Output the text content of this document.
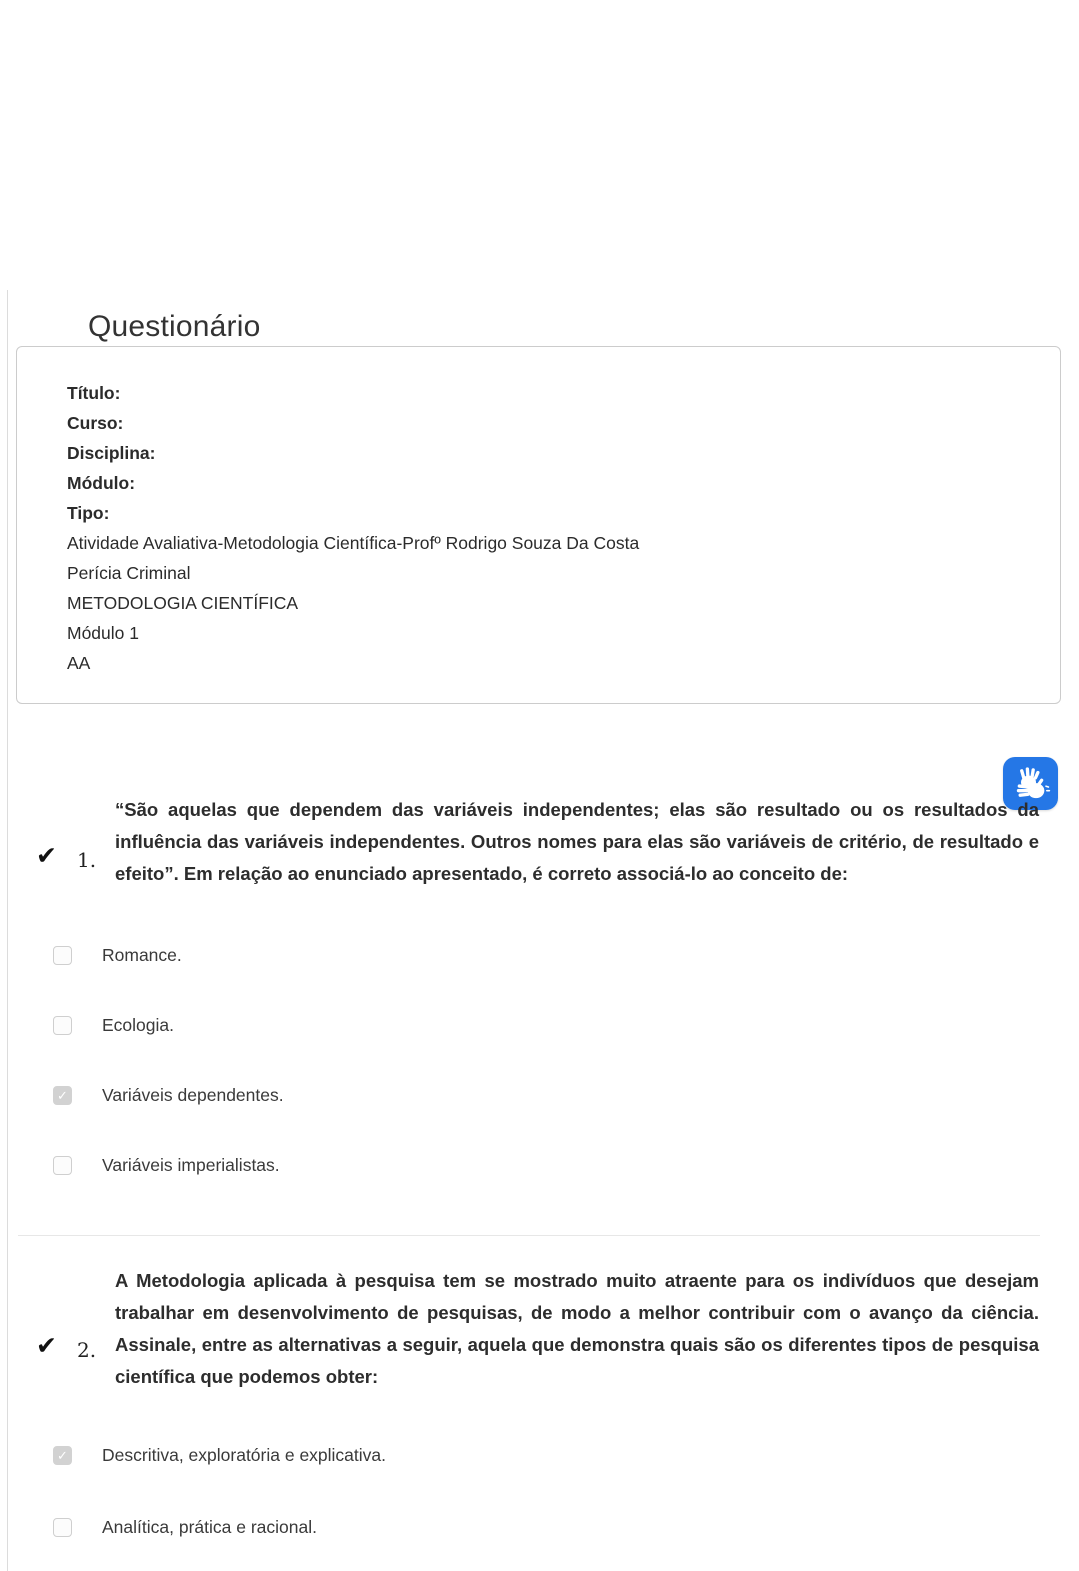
Questionário
Título:
Curso:
Disciplina:
Módulo:
Tipo:
Atividade Avaliativa-Metodologia Científica-Profº Rodrigo Souza Da Costa
Perícia Criminal
METODOLOGIA CIENTÍFICA
Módulo 1
AA
✔ 1.
“São aquelas que dependem das variáveis independentes; elas são resultado ou os resultados da influência das variáveis independentes. Outros nomes para elas são variáveis de critério, de resultado e efeito”. Em relação ao enunciado apresentado, é correto associá-lo ao conceito de:
Romance.
Ecologia.
✓ Variáveis dependentes.
Variáveis imperialistas.
✔ 2.
A Metodologia aplicada à pesquisa tem se mostrado muito atraente para os indivíduos que desejam trabalhar em desenvolvimento de pesquisas, de modo a melhor contribuir com o avanço da ciência. Assinale, entre as alternativas a seguir, aquela que demonstra quais são os diferentes tipos de pesquisa científica que podemos obter:
✓ Descritiva, exploratória e explicativa.
Analítica, prática e racional.
